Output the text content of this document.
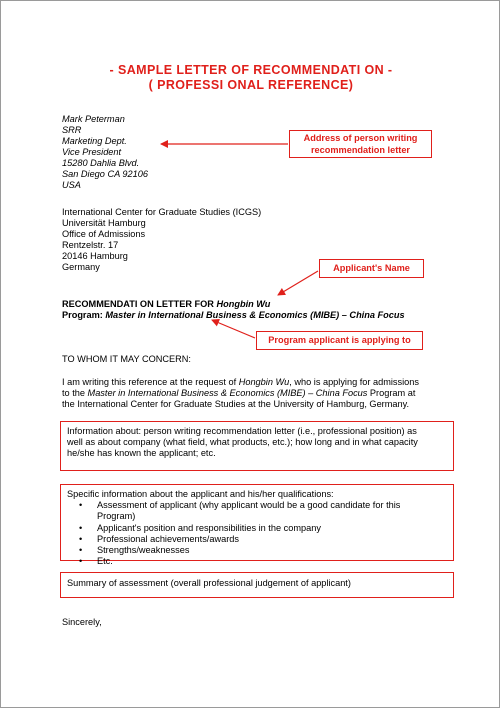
- SAMPLE LETTER OF RECOMMENDATI ON -
( PROFESSI ONAL REFERENCE)
Mark Peterman
SRR
Marketing Dept.
Vice President
15280 Dahlia Blvd.
San Diego CA 92106
USA
International Center for Graduate Studies (ICGS)
Universität Hamburg
Office of Admissions
Rentzelstr. 17
20146 Hamburg
Germany
Address of person writing
recommendation letter
Applicant's Name
Program applicant is applying to
RECOMMENDATI ON LETTER FOR Hongbin Wu
Program: Master in International Business & Economics (MIBE) – China Focus
TO WHOM IT MAY CONCERN:
I am writing this reference at the request of Hongbin Wu, who is applying for admissions
to the Master in International Business & Economics (MIBE) – China Focus Program at
the International Center for Graduate Studies at the University of Hamburg, Germany.

Information about: person writing recommendation letter (i.e., professional position) as

well as about company (what field, what products, etc.); how long and in what capacity

he/she has known the applicant; etc.

Specific information about the applicant and his/her qualifications:

• Assessment of applicant (why applicant would be a good candidate for this
Program)
• Applicant's position and responsibilities in the company
• Professional achievements/awards
• Strengths/weaknesses
• Etc.

Summary of assessment (overall professional judgement of applicant)

Sincerely,
